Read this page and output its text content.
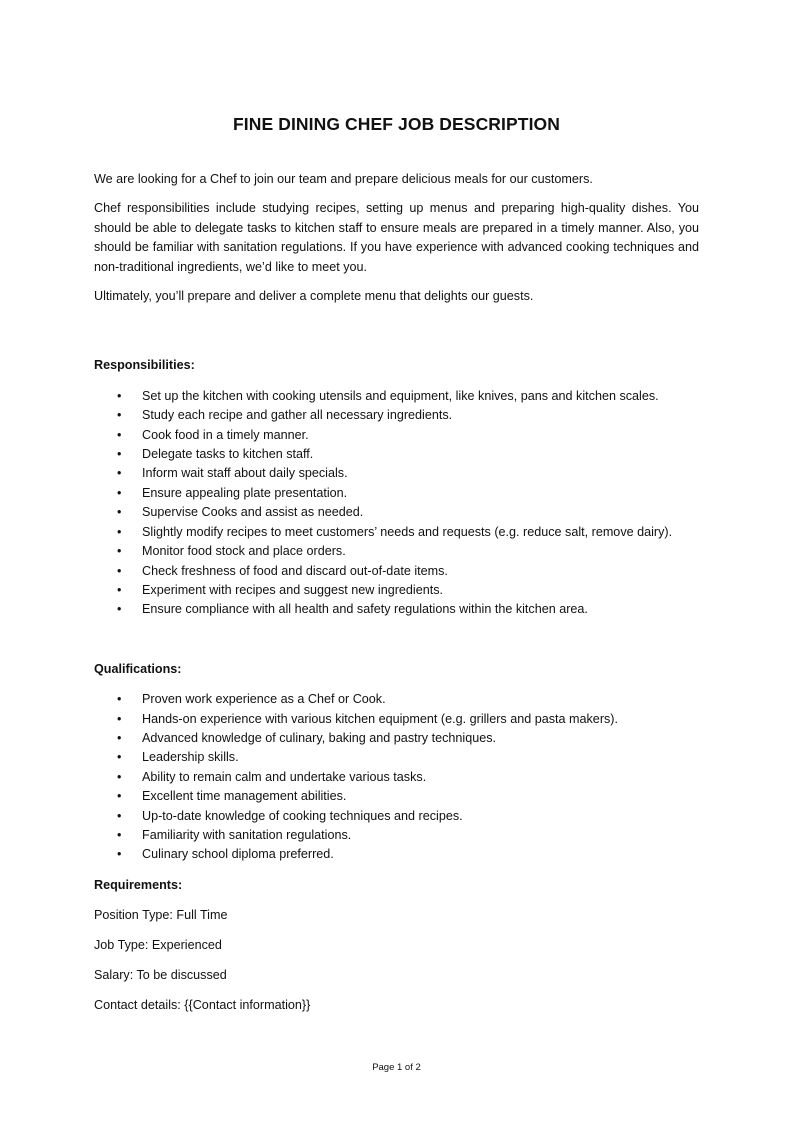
FINE DINING CHEF JOB DESCRIPTION

We are looking for a Chef to join our team and prepare delicious meals for our customers.

Chef responsibilities include studying recipes, setting up menus and preparing high-quality dishes. You should be able to delegate tasks to kitchen staff to ensure meals are prepared in a timely manner. Also, you should be familiar with sanitation regulations. If you have experience with advanced cooking techniques and non-traditional ingredients, we’d like to meet you.

Ultimately, you’ll prepare and deliver a complete menu that delights our guests.

Responsibilities:

• Set up the kitchen with cooking utensils and equipment, like knives, pans and kitchen scales.
• Study each recipe and gather all necessary ingredients.
• Cook food in a timely manner.
• Delegate tasks to kitchen staff.
• Inform wait staff about daily specials.
• Ensure appealing plate presentation.
• Supervise Cooks and assist as needed.
• Slightly modify recipes to meet customers’ needs and requests (e.g. reduce salt, remove dairy).
• Monitor food stock and place orders.
• Check freshness of food and discard out-of-date items.
• Experiment with recipes and suggest new ingredients.
• Ensure compliance with all health and safety regulations within the kitchen area.

Qualifications:

• Proven work experience as a Chef or Cook.
• Hands-on experience with various kitchen equipment (e.g. grillers and pasta makers).
• Advanced knowledge of culinary, baking and pastry techniques.
• Leadership skills.
• Ability to remain calm and undertake various tasks.
• Excellent time management abilities.
• Up-to-date knowledge of cooking techniques and recipes.
• Familiarity with sanitation regulations.
• Culinary school diploma preferred.

Requirements:

Position Type: Full Time

Job Type: Experienced

Salary: To be discussed

Contact details: {{Contact information}}

Page 1 of 2
